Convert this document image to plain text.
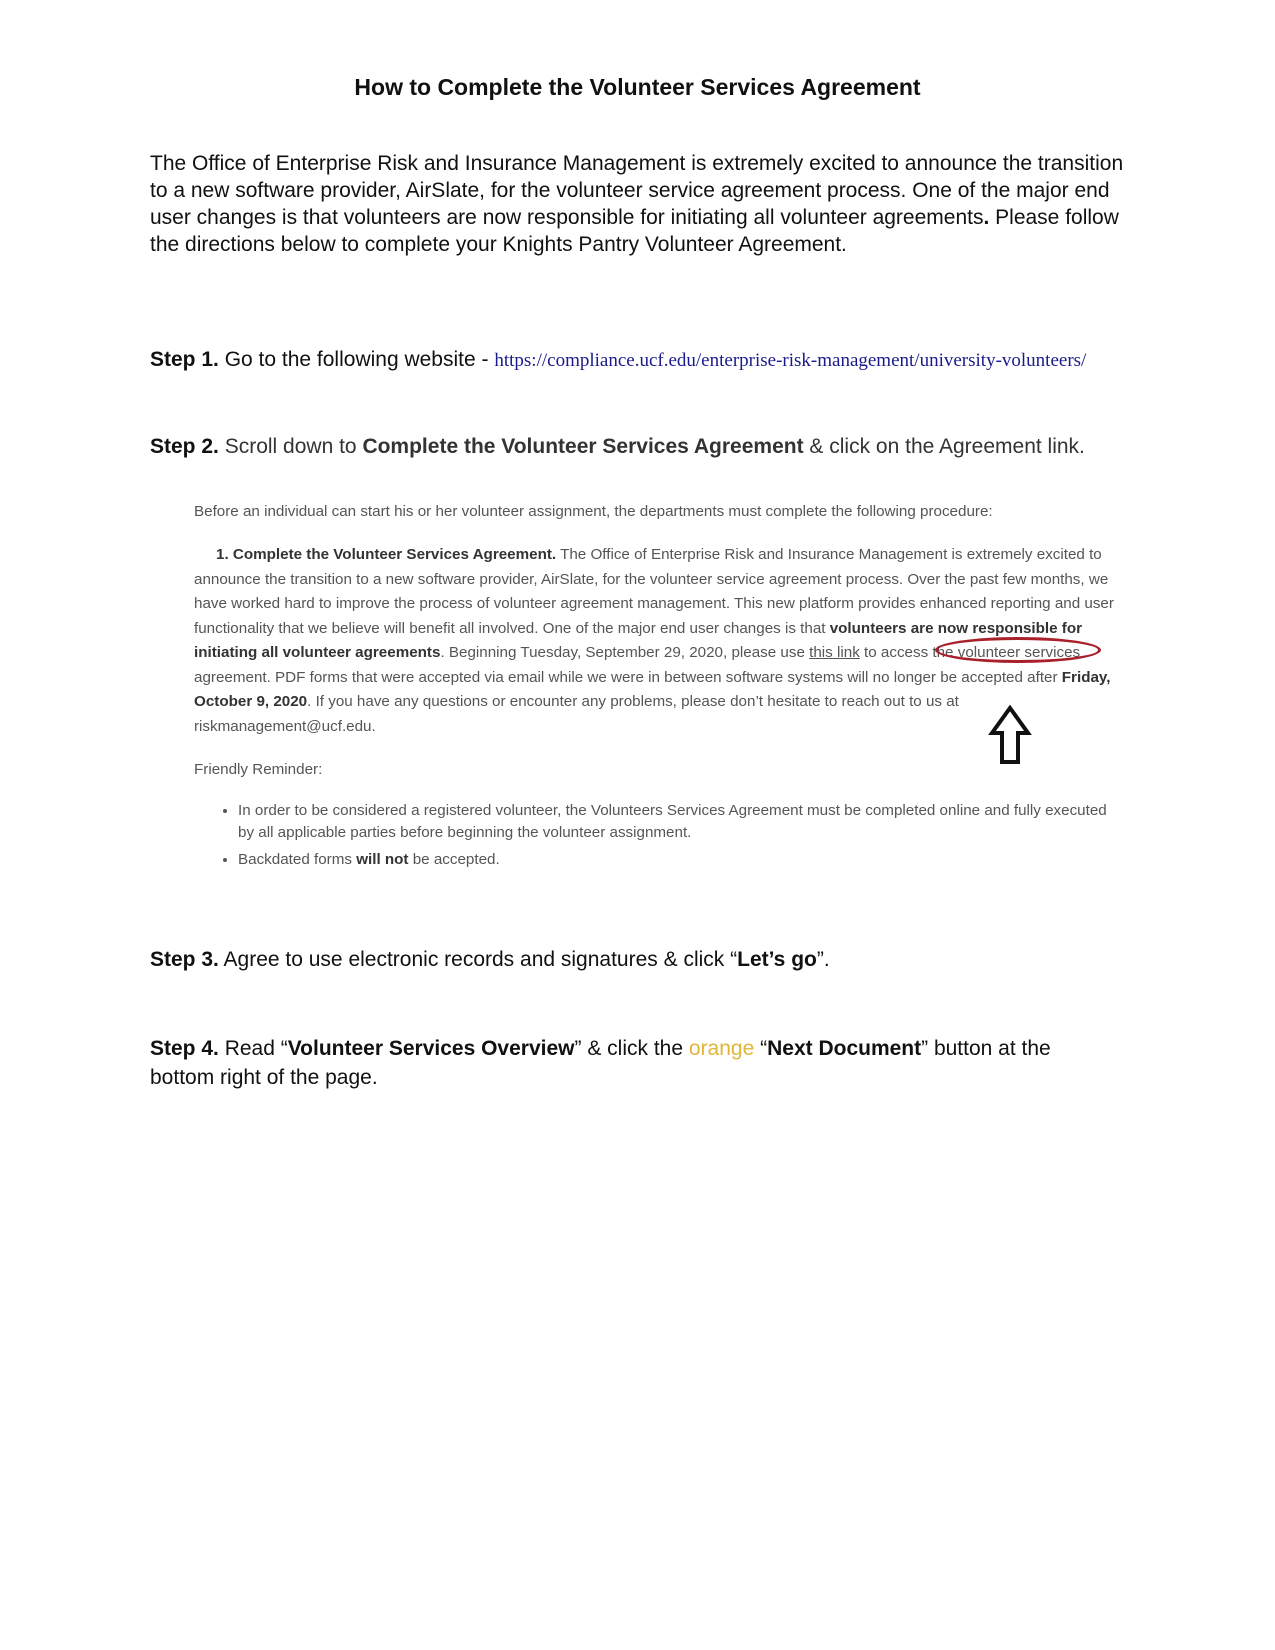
How to Complete the Volunteer Services Agreement
The Office of Enterprise Risk and Insurance Management is extremely excited to announce the transition to a new software provider, AirSlate, for the volunteer service agreement process. One of the major end user changes is that volunteers are now responsible for initiating all volunteer agreements. Please follow the directions below to complete your Knights Pantry Volunteer Agreement.
Step 1. Go to the following website - https://compliance.ucf.edu/enterprise-risk-management/university-volunteers/
Step 2. Scroll down to Complete the Volunteer Services Agreement & click on the Agreement link.
Before an individual can start his or her volunteer assignment, the departments must complete the following procedure:
1. Complete the Volunteer Services Agreement. The Office of Enterprise Risk and Insurance Management is extremely excited to announce the transition to a new software provider, AirSlate, for the volunteer service agreement process. Over the past few months, we have worked hard to improve the process of volunteer agreement management. This new platform provides enhanced reporting and user functionality that we believe will benefit all involved. One of the major end user changes is that volunteers are now responsible for initiating all volunteer agreements. Beginning Tuesday, September 29, 2020, please use this link to access the volunteer services agreement. PDF forms that were accepted via email while we were in between software systems will no longer be accepted after Friday, October 9, 2020. If you have any questions or encounter any problems, please don’t hesitate to reach out to us at riskmanagement@ucf.edu.
Friendly Reminder:
• In order to be considered a registered volunteer, the Volunteers Services Agreement must be completed online and fully executed by all applicable parties before beginning the volunteer assignment.
• Backdated forms will not be accepted.
Step 3. Agree to use electronic records and signatures & click “Let’s go”.
Step 4. Read “Volunteer Services Overview” & click the orange “Next Document” button at the bottom right of the page.
